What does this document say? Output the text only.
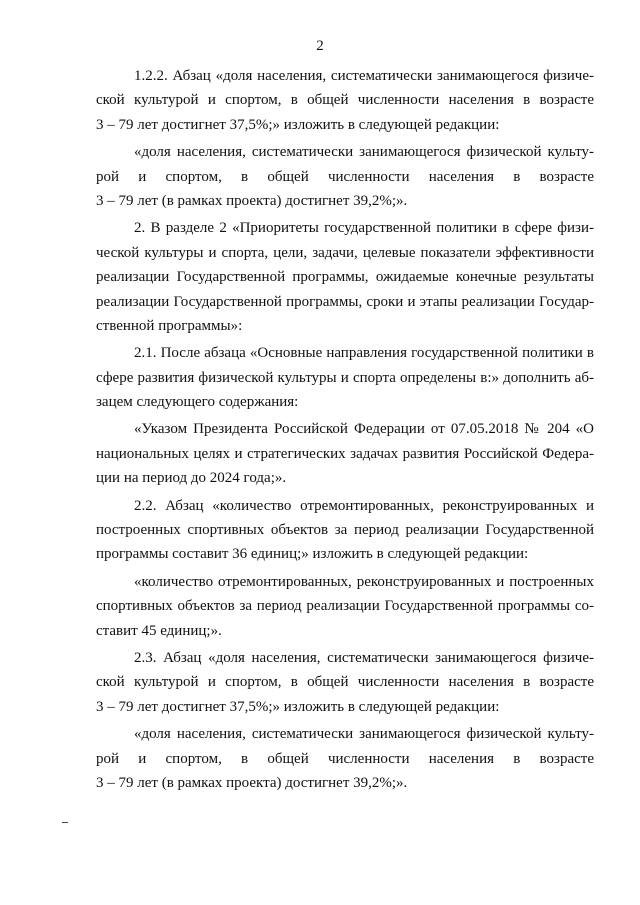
2
1.2.2. Абзац «доля населения, систематически занимающегося физиче-
ской культурой и спортом, в общей численности населения в возрасте
3 – 79 лет достигнет 37,5%;» изложить в следующей редакции:
«доля населения, систематически занимающегося физической культу-
рой и спортом, в общей численности населения в возрасте
3 – 79 лет (в рамках проекта) достигнет 39,2%;».
2. В разделе 2 «Приоритеты государственной политики в сфере физи-
ческой культуры и спорта, цели, задачи, целевые показатели эффективности
реализации Государственной программы, ожидаемые конечные результаты
реализации Государственной программы, сроки и этапы реализации Государ-
ственной программы»:
2.1. После абзаца «Основные направления государственной политики в
сфере развития физической культуры и спорта определены в:» дополнить аб-
зацем следующего содержания:
«Указом Президента Российской Федерации от 07.05.2018 № 204 «О
национальных целях и стратегических задачах развития Российской Федера-
ции на период до 2024 года;».
2.2. Абзац «количество отремонтированных, реконструированных и
построенных спортивных объектов за период реализации Государственной
программы составит 36 единиц;» изложить в следующей редакции:
«количество отремонтированных, реконструированных и построенных
спортивных объектов за период реализации Государственной программы со-
ставит 45 единиц;».
2.3. Абзац «доля населения, систематически занимающегося физиче-
ской культурой и спортом, в общей численности населения в возрасте
3 – 79 лет достигнет 37,5%;» изложить в следующей редакции:
«доля населения, систематически занимающегося физической культу-
рой и спортом, в общей численности населения в возрасте
3 – 79 лет (в рамках проекта) достигнет 39,2%;».
